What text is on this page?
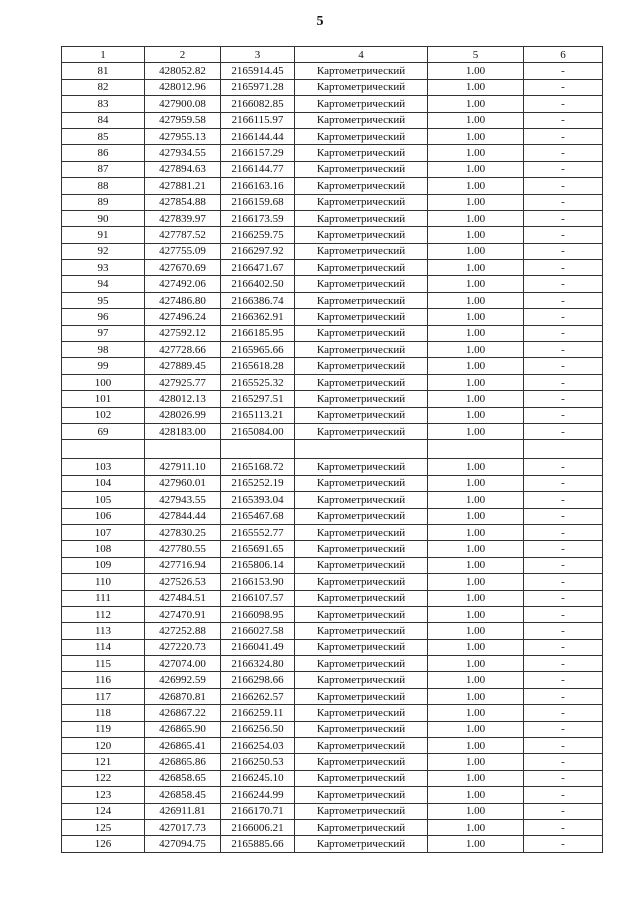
5
1	2	3	4	5	6
81	428052.82	2165914.45	Картометрический	1.00	-
82	428012.96	2165971.28	Картометрический	1.00	-
83	427900.08	2166082.85	Картометрический	1.00	-
84	427959.58	2166115.97	Картометрический	1.00	-
85	427955.13	2166144.44	Картометрический	1.00	-
86	427934.55	2166157.29	Картометрический	1.00	-
87	427894.63	2166144.77	Картометрический	1.00	-
88	427881.21	2166163.16	Картометрический	1.00	-
89	427854.88	2166159.68	Картометрический	1.00	-
90	427839.97	2166173.59	Картометрический	1.00	-
91	427787.52	2166259.75	Картометрический	1.00	-
92	427755.09	2166297.92	Картометрический	1.00	-
93	427670.69	2166471.67	Картометрический	1.00	-
94	427492.06	2166402.50	Картометрический	1.00	-
95	427486.80	2166386.74	Картометрический	1.00	-
96	427496.24	2166362.91	Картометрический	1.00	-
97	427592.12	2166185.95	Картометрический	1.00	-
98	427728.66	2165965.66	Картометрический	1.00	-
99	427889.45	2165618.28	Картометрический	1.00	-
100	427925.77	2165525.32	Картометрический	1.00	-
101	428012.13	2165297.51	Картометрический	1.00	-
102	428026.99	2165113.21	Картометрический	1.00	-
69	428183.00	2165084.00	Картометрический	1.00	-

103	427911.10	2165168.72	Картометрический	1.00	-
104	427960.01	2165252.19	Картометрический	1.00	-
105	427943.55	2165393.04	Картометрический	1.00	-
106	427844.44	2165467.68	Картометрический	1.00	-
107	427830.25	2165552.77	Картометрический	1.00	-
108	427780.55	2165691.65	Картометрический	1.00	-
109	427716.94	2165806.14	Картометрический	1.00	-
110	427526.53	2166153.90	Картометрический	1.00	-
111	427484.51	2166107.57	Картометрический	1.00	-
112	427470.91	2166098.95	Картометрический	1.00	-
113	427252.88	2166027.58	Картометрический	1.00	-
114	427220.73	2166041.49	Картометрический	1.00	-
115	427074.00	2166324.80	Картометрический	1.00	-
116	426992.59	2166298.66	Картометрический	1.00	-
117	426870.81	2166262.57	Картометрический	1.00	-
118	426867.22	2166259.11	Картометрический	1.00	-
119	426865.90	2166256.50	Картометрический	1.00	-
120	426865.41	2166254.03	Картометрический	1.00	-
121	426865.86	2166250.53	Картометрический	1.00	-
122	426858.65	2166245.10	Картометрический	1.00	-
123	426858.45	2166244.99	Картометрический	1.00	-
124	426911.81	2166170.71	Картометрический	1.00	-
125	427017.73	2166006.21	Картометрический	1.00	-
126	427094.75	2165885.66	Картометрический	1.00	-
